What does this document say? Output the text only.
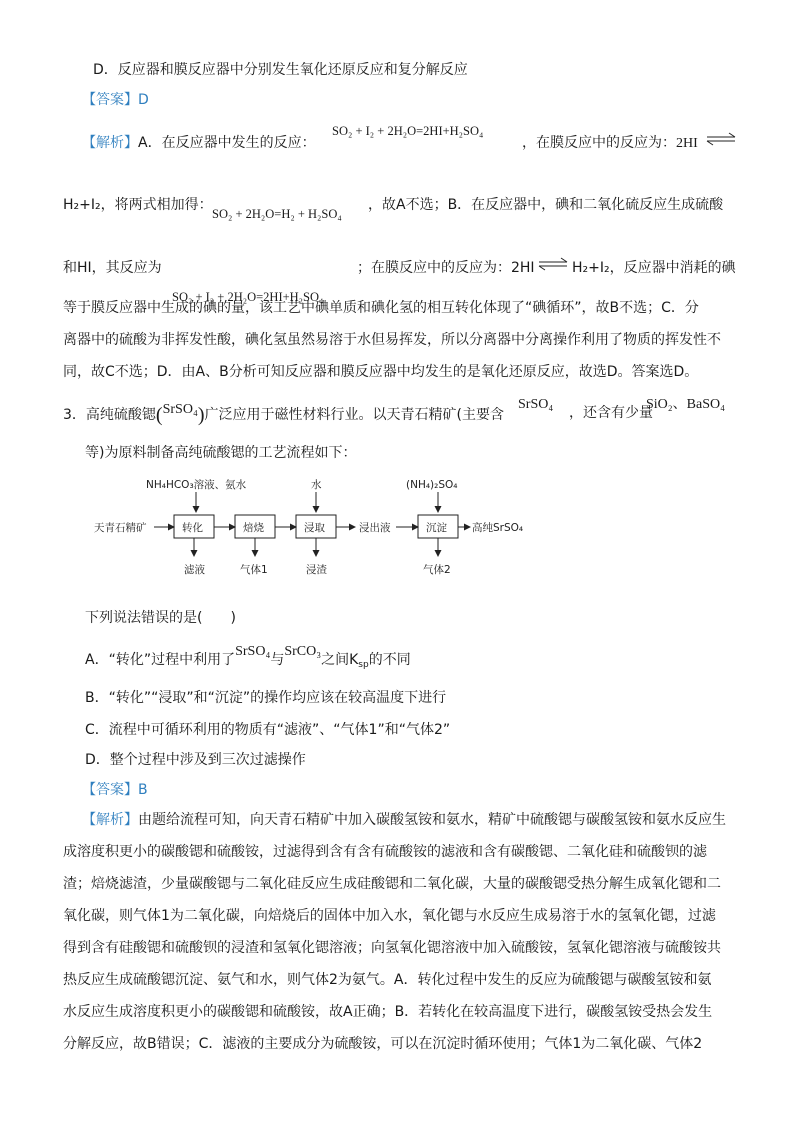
D．反应器和膜反应器中分别发生氧化还原反应和复分解反应
【答案】D
【解析】A．在反应器中发生的反应：
SO₂ + I₂ + 2H₂O=2HI+H₂SO₄
，在膜反应中的反应为：2HI ⇌
H₂+I₂，将两式相加得：
SO₂ + 2H₂O=H₂ + H₂SO₄
，故A不选；B．在反应器中，碘和二氧化硫反应生成硫酸
和HI，其反应为
SO₂ + I₂ + 2H₂O=2HI+H₂SO₄
；在膜反应中的反应为：2HI ⇌ H₂+I₂，反应器中消耗的碘
等于膜反应器中生成的碘的量，该工艺中碘单质和碘化氢的相互转化体现了“碘循环”，故B不选；C．分
离器中的硫酸为非挥发性酸，碘化氢虽然易溶于水但易挥发，所以分离器中分离操作利用了物质的挥发性不
同，故C不选；D．由A、B分析可知反应器和膜反应器中均发生的是氧化还原反应，故选D。答案选D。
3．高纯硫酸锶(SrSO₄)广泛应用于磁性材料行业。以天青石精矿(主要含
SrSO₄
，还含有少量
SiO₂、BaSO₄
等)为原料制备高纯硫酸锶的工艺流程如下：
NH₄HCO₃溶液、氨水	水	(NH₄)₂SO₄
天青石精矿	转化	焙烧	浸取	浸出液	沉淀 高纯SrSO₄
滤液	气体1	浸渣	气体2
下列说法错误的是(　　)
A．“转化”过程中利用了SrSO₄与SrCO₃之间$K_{sp}$的不同
B．“转化”“浸取”和“沉淀”的操作均应该在较高温度下进行
C．流程中可循环利用的物质有“滤液”、“气体1”和“气体2”
D．整个过程中涉及到三次过滤操作
【答案】B
【解析】由题给流程可知，向天青石精矿中加入碳酸氢铵和氨水，精矿中硫酸锶与碳酸氢铵和氨水反应生
成溶度积更小的碳酸锶和硫酸铵，过滤得到含有含有硫酸铵的滤液和含有碳酸锶、二氧化硅和硫酸钡的滤
渣；焙烧滤渣，少量碳酸锶与二氧化硅反应生成硅酸锶和二氧化碳，大量的碳酸锶受热分解生成氧化锶和二
氧化碳，则气体1为二氧化碳，向焙烧后的固体中加入水，氧化锶与水反应生成易溶于水的氢氧化锶，过滤
得到含有硅酸锶和硫酸钡的浸渣和氢氧化锶溶液；向氢氧化锶溶液中加入硫酸铵，氢氧化锶溶液与硫酸铵共
热反应生成硫酸锶沉淀、氨气和水，则气体2为氨气。A．转化过程中发生的反应为硫酸锶与碳酸氢铵和氨
水反应生成溶度积更小的碳酸锶和硫酸铵，故A正确；B．若转化在较高温度下进行，碳酸氢铵受热会发生
分解反应，故B错误；C．滤液的主要成分为硫酸铵，可以在沉淀时循环使用；气体1为二氧化碳、气体2
